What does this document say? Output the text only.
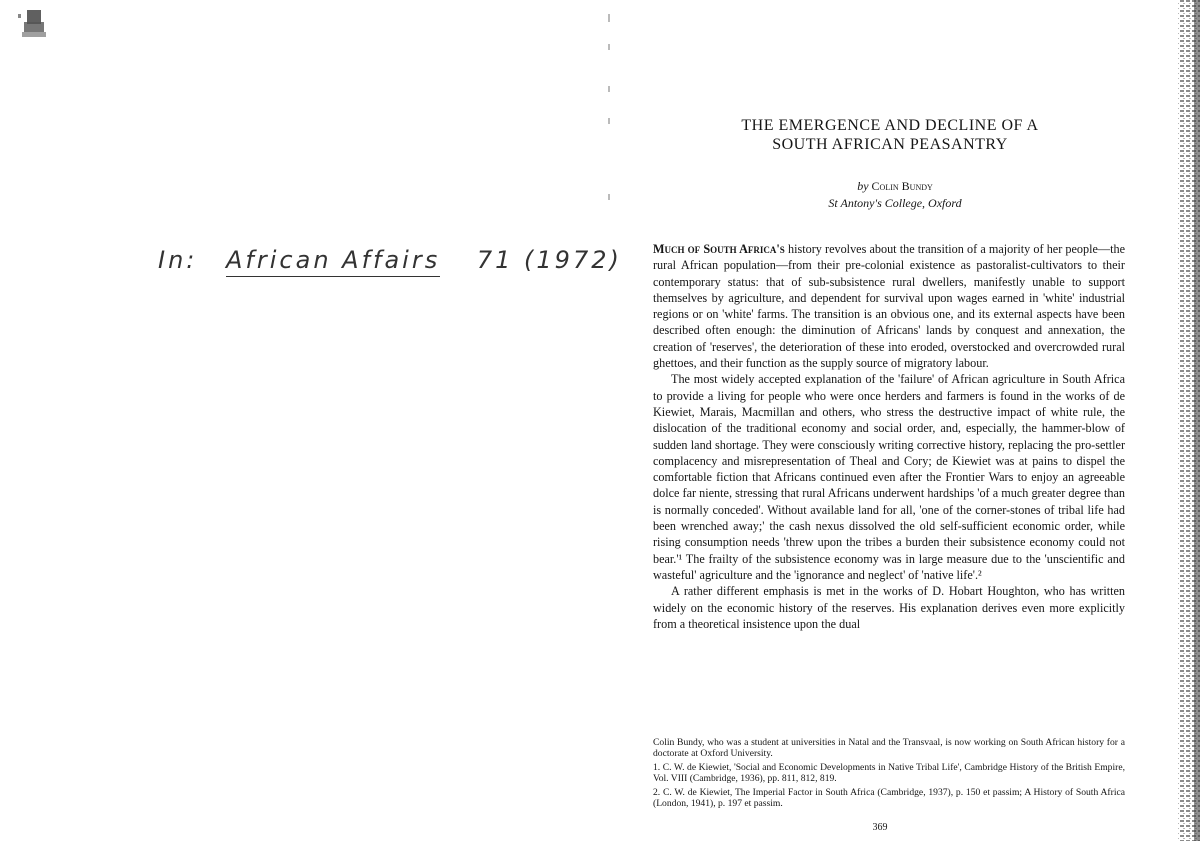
In: African Affairs 71 (1972)
THE EMERGENCE AND DECLINE OF A
SOUTH AFRICAN PEASANTRY
by Colin Bundy
St Antony's College, Oxford

Much of South Africa's history revolves about the transition of a majority of her people—the rural African population—from their pre-colonial existence as pastoralist-cultivators to their contemporary status: that of sub-subsistence rural dwellers, manifestly unable to support themselves by agriculture, and dependent for survival upon wages earned in 'white' industrial regions or on 'white' farms. The transition is an obvious one, and its external aspects have been described often enough: the diminution of Africans' lands by conquest and annexation, the creation of 'reserves', the deterioration of these into eroded, overstocked and overcrowded rural ghettoes, and their function as the supply source of migratory labour.

The most widely accepted explanation of the 'failure' of African agriculture in South Africa to provide a living for people who were once herders and farmers is found in the works of de Kiewiet, Marais, Macmillan and others, who stress the destructive impact of white rule, the dislocation of the traditional economy and social order, and, especially, the hammer-blow of sudden land shortage. They were consciously writing corrective history, replacing the pro-settler complacency and misrepresentation of Theal and Cory; de Kiewiet was at pains to dispel the comfortable fiction that Africans continued even after the Frontier Wars to enjoy an agreeable dolce far niente, stressing that rural Africans underwent hardships 'of a much greater degree than is normally conceded'. Without available land for all, 'one of the corner-stones of tribal life had been wrenched away;' the cash nexus dissolved the old self-sufficient economic order, while rising consumption needs 'threw upon the tribes a burden their subsistence economy could not bear.'¹ The frailty of the subsistence economy was in large measure due to the 'unscientific and wasteful' agriculture and the 'ignorance and neglect' of 'native life'.²

A rather different emphasis is met in the works of D. Hobart Houghton, who has written widely on the economic history of the reserves. His explanation derives even more explicitly from a theoretical insistence upon the dual

Colin Bundy, who was a student at universities in Natal and the Transvaal, is now working on South African history for a doctorate at Oxford University.

1. C. W. de Kiewiet, 'Social and Economic Developments in Native Tribal Life', Cambridge History of the British Empire, Vol. VIII (Cambridge, 1936), pp. 811, 812, 819.

2. C. W. de Kiewiet, The Imperial Factor in South Africa (Cambridge, 1937), p. 150 et passim; A History of South Africa (London, 1941), p. 197 et passim.

369
